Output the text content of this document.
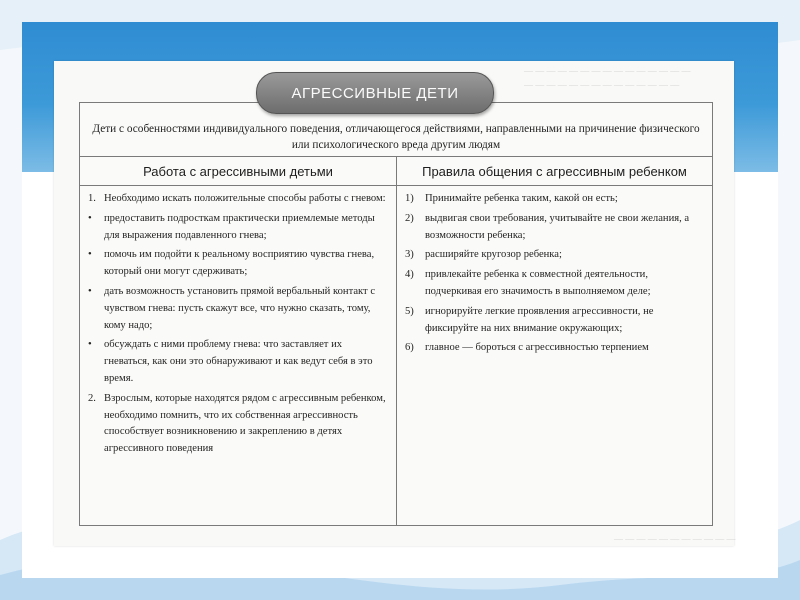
— — — — — — — — — — — — — — —
— — — — — — — — — — — — — —
— — — — — — — — — — —
Дети с особенностями индивидуального поведения, отличающегося действиями, направленными на причинение физического или психологического вреда другим людям
Работа с агрессивными детьми	Правила общения с агрессивным ребенком
1. Необходимо искать положительные способы работы с гневом:
• предоставить подросткам практически приемлемые методы для выражения подавленного гнева;
• помочь им подойти к реальному восприятию чувства гнева, который они могут сдерживать;
• дать возможность установить прямой вербальный контакт с чувством гнева: пусть скажут все, что нужно сказать, тому, кому надо;
• обсуждать с ними проблему гнева: что заставляет их гневаться, как они это обнаруживают и как ведут себя в это время.
2. Взрослым, которые находятся рядом с агрессивным ребенком, необходимо помнить, что их собственная агрессивность способствует возникновению и закреплению в детях агрессивного поведения
1) Принимайте ребенка таким, какой он есть;
2) выдвигая свои требования, учитывайте не свои желания, а возможности ребенка;
3) расширяйте кругозор ребенка;
4) привлекайте ребенка к совместной деятельности, подчеркивая его значимость в выполняемом деле;
5) игнорируйте легкие проявления агрессивности, не фиксируйте на них внимание окружающих;
6) главное — бороться с агрессивностью терпением
АГРЕССИВНЫЕ ДЕТИ
